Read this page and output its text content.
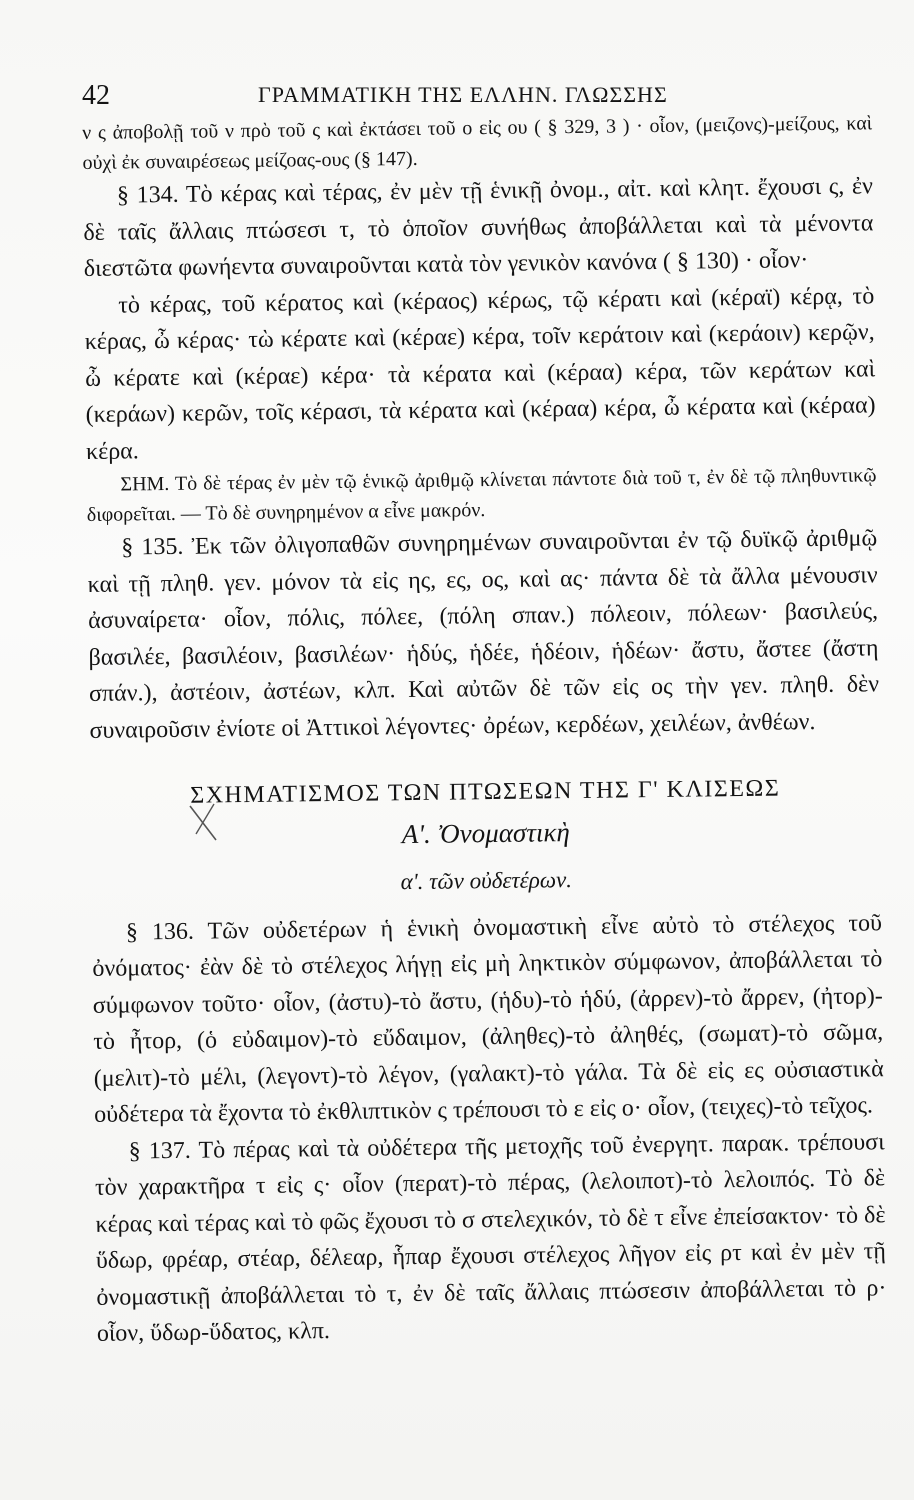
42	ΓΡΑΜΜΑΤΙΚΗ ΤΗΣ ΕΛΛΗΝ. ΓΛΩΣΣΗΣ

ν ς ἀποβολῇ τοῦ ν πρὸ τοῦ ς καὶ ἐκτάσει τοῦ ο εἰς ου ( § 329, 3 ) · οἷον, (μειζονς)-μείζους, καὶ οὐχὶ ἐκ συναιρέσεως μείζοας-ους (§ 147).

§ 134. Τὸ κέρας καὶ τέρας, ἐν μὲν τῇ ἑνικῇ ὀνομ., αἰτ. καὶ κλητ. ἔχουσι ς, ἐν δὲ ταῖς ἄλλαις πτώσεσι τ, τὸ ὁποῖον συνήθως ἀποβάλλεται καὶ τὰ μένοντα διεστῶτα φωνήεντα συναιροῦνται κατὰ τὸν γενικὸν κανόνα ( § 130) · οἷον·

τὸ κέρας, τοῦ κέρατος καὶ (κέραος) κέρως, τῷ κέρατι καὶ (κέραϊ) κέρᾳ, τὸ κέρας, ὦ κέρας· τὼ κέρατε καὶ (κέραε) κέρα, τοῖν κεράτοιν καὶ (κεράοιν) κερῷν, ὦ κέρατε καὶ (κέραε) κέρα· τὰ κέρατα καὶ (κέραα) κέρα, τῶν κεράτων καὶ (κεράων) κερῶν, τοῖς κέρασι, τὰ κέρατα καὶ (κέραα) κέρα, ὦ κέρατα καὶ (κέραα) κέρα.

ΣΗΜ. Τὸ δὲ τέρας ἐν μὲν τῷ ἑνικῷ ἀριθμῷ κλίνεται πάντοτε διὰ τοῦ τ, ἐν δὲ τῷ πληθυντικῷ διφορεῖται. — Τὸ δὲ συνηρημένον α εἶνε μακρόν.

§ 135. Ἐκ τῶν ὀλιγοπαθῶν συνηρημένων συναιροῦνται ἐν τῷ δυϊκῷ ἀριθμῷ καὶ τῇ πληθ. γεν. μόνον τὰ εἰς ης, ες, ος, καὶ ας· πάντα δὲ τὰ ἄλλα μένουσιν ἀσυναίρετα· οἷον, πόλις, πόλεε, (πόλη σπαν.) πόλεοιν, πόλεων· βασιλεύς, βασιλέε, βασιλέοιν, βασιλέων· ἡδύς, ἡδέε, ἡδέοιν, ἡδέων· ἄστυ, ἄστεε (ἄστη σπάν.), ἀστέοιν, ἀστέων, κλπ. Καὶ αὐτῶν δὲ τῶν εἰς ος τὴν γεν. πληθ. δὲν συναιροῦσιν ἐνίοτε οἱ Ἀττικοὶ λέγοντες· ὀρέων, κερδέων, χειλέων, ἀνθέων.

ΣΧΗΜΑΤΙΣΜΟΣ ΤΩΝ ΠΤΩΣΕΩΝ ΤΗΣ Γ' ΚΛΙΣΕΩΣ

Α'. Ὀνομαστικὴ

α'. τῶν οὐδετέρων.

§ 136. Τῶν οὐδετέρων ἡ ἑνικὴ ὀνομαστικὴ εἶνε αὐτὸ τὸ στέλεχος τοῦ ὀνόματος· ἐὰν δὲ τὸ στέλεχος λήγῃ εἰς μὴ ληκτικὸν σύμφωνον, ἀποβάλλεται τὸ σύμφωνον τοῦτο· οἷον, (ἀστυ)-τὸ ἄστυ, (ἡδυ)-τὸ ἡδύ, (ἀρρεν)-τὸ ἄρρεν, (ἠτορ)-τὸ ἦτορ, (ὁ εὐδαιμον)-τὸ εὔδαιμον, (ἀληθες)-τὸ ἀληθές, (σωματ)-τὸ σῶμα, (μελιτ)-τὸ μέλι, (λεγοντ)-τὸ λέγον, (γαλακτ)-τὸ γάλα. Τὰ δὲ εἰς ες οὐσιαστικὰ οὐδέτερα τὰ ἔχοντα τὸ ἐκθλιπτικὸν ς τρέπουσι τὸ ε εἰς ο· οἷον, (τειχες)-τὸ τεῖχος.

§ 137. Τὸ πέρας καὶ τὰ οὐδέτερα τῆς μετοχῆς τοῦ ἐνεργητ. παρακ. τρέπουσι τὸν χαρακτῆρα τ εἰς ς· οἷον (περατ)-τὸ πέρας, (λελοιποτ)-τὸ λελοιπός. Τὸ δὲ κέρας καὶ τέρας καὶ τὸ φῶς ἔχουσι τὸ σ στελεχικόν, τὸ δὲ τ εἶνε ἐπείσακτον· τὸ δὲ ὕδωρ, φρέαρ, στέαρ, δέλεαρ, ἧπαρ ἔχουσι στέλεχος λῆγον εἰς ρτ καὶ ἐν μὲν τῇ ὀνομαστικῇ ἀποβάλλεται τὸ τ, ἐν δὲ ταῖς ἄλλαις πτώσεσιν ἀποβάλλεται τὸ ρ· οἷον, ὕδωρ-ὕδατος, κλπ.
